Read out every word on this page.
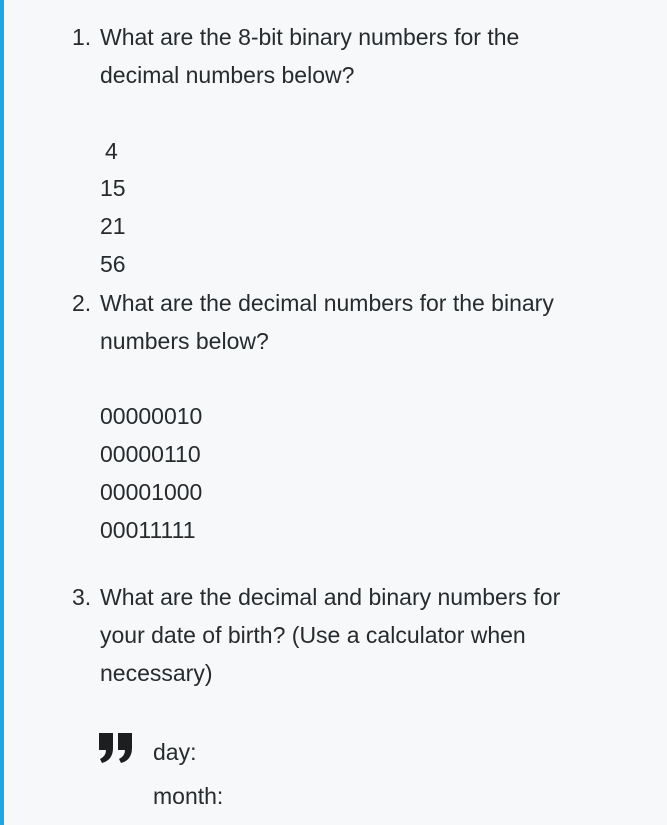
1. What are the 8-bit binary numbers for the
decimal numbers below?
4
15
21
56
2. What are the decimal numbers for the binary
numbers below?
00000010
00000110
00001000
00011111
3. What are the decimal and binary numbers for
your date of birth? (Use a calculator when
necessary)
day:
month:
